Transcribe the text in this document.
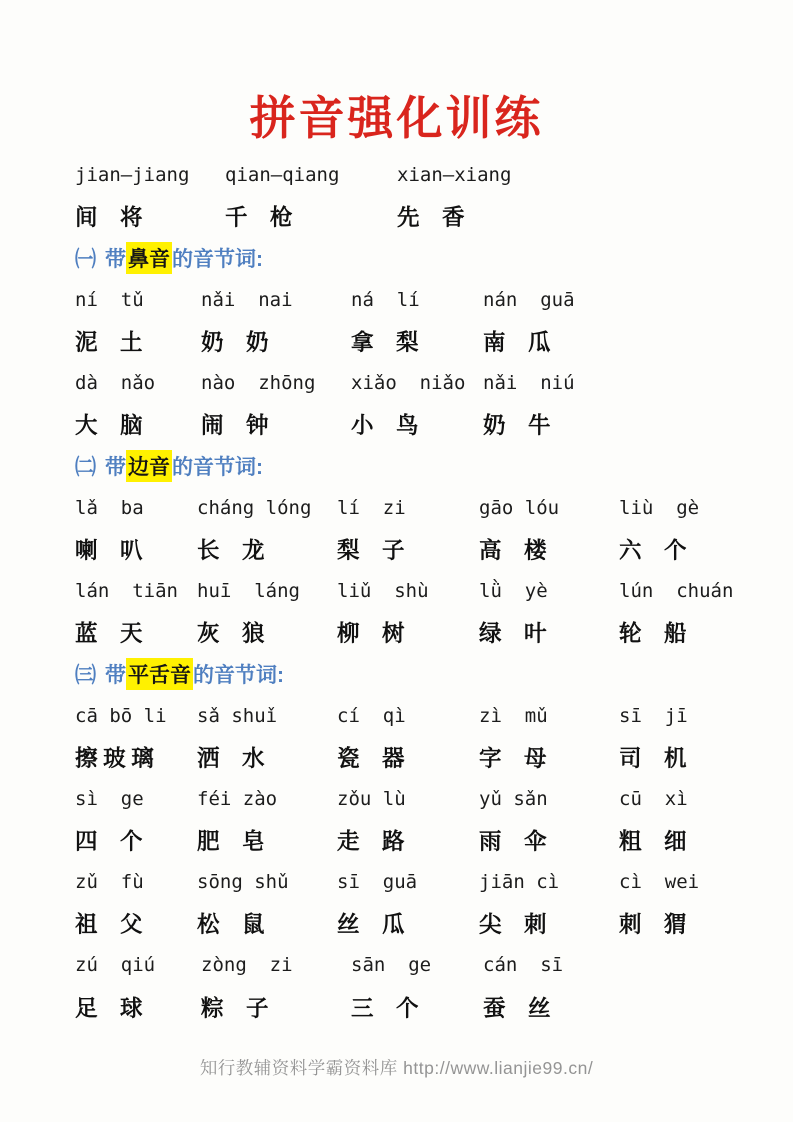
拼音强化训练
jian—jiang	qian—qiang	xian—xiang
间　将	千　枪	先　香
㈠ 带 鼻音 的音节词:
ní  tǔ	nǎi  nai	ná  lí	nán  guā
泥　土	奶　奶	拿　梨	南　瓜
dà  nǎo	nào  zhōng	xiǎo  niǎo nǎi  niú
大　脑	闹　钟	小　鸟	奶　牛
㈡ 带 边音 的音节词:
lǎ  ba	cháng lóng	lí  zi	gāo lóu	liù  gè
喇　叭	长　龙	梨　子	高　楼	六　个
lán  tiān	huī  láng	liǔ  shù	lǜ  yè	lún  chuán
蓝　天	灰　狼	柳　树	绿　叶	轮　船
㈢ 带 平舌音 的音节词:
cā bō li	sǎ shuǐ	cí  qì	zì  mǔ	sī  jī
擦 玻 璃	洒　水	瓷　器	字　母	司　机
sì  ge	féi zào	zǒu lù	yǔ sǎn	cū  xì
四　个	肥　皂	走　路	雨　伞	粗　细
zǔ  fù	sōng shǔ	sī  guā	jiān cì	cì  wei
祖　父	松　鼠	丝　瓜	尖　刺	刺　猬
zú  qiú	zòng  zi	sān  ge	cán  sī
足　球	粽　子	三　个	蚕　丝
知行教辅资料学霸资料库 http://www.lianjie99.cn/
